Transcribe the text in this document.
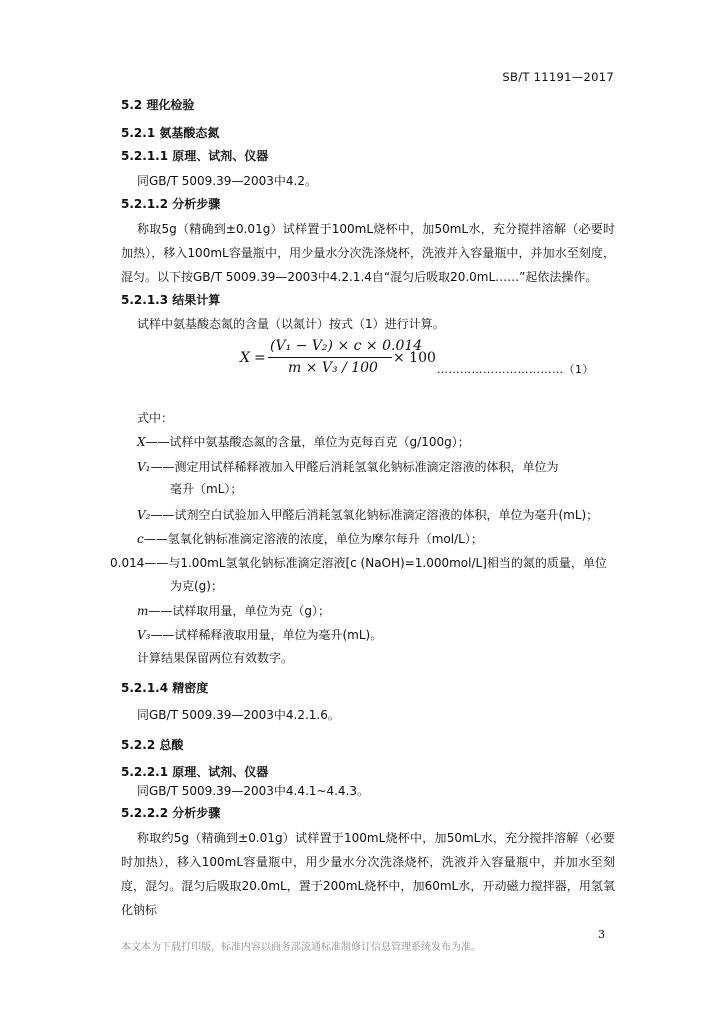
SB/T 11191—2017
5.2 理化检验
5.2.1 氨基酸态氮
5.2.1.1 原理、试剂、仪器
同GB/T 5009.39—2003中4.2。
5.2.1.2 分析步骤
称取5g（精确到±0.01g）试样置于100mL烧杯中，加50mL水，充分搅拌溶解（必要时加热），移入100mL容量瓶中，用少量水分次洗涤烧杯，洗液并入容量瓶中，并加水至刻度，混匀。以下按GB/T 5009.39—2003中4.2.1.4自“混匀后吸取20.0mL……”起依法操作。
5.2.1.3 结果计算
试样中氨基酸态氮的含量（以氮计）按式（1）进行计算。
X =
(V₁ − V₂) × c × 0.014
m × V₃ / 100
× 100
……………………………（1）
式中：
X——试样中氨基酸态氮的含量，单位为克每百克（g/100g）；
V₁——测定用试样稀释液加入甲醛后消耗氢氧化钠标准滴定溶液的体积，单位为
毫升（mL）；
V₂——试剂空白试验加入甲醛后消耗氢氧化钠标准滴定溶液的体积，单位为毫升(mL)；
c——氢氧化钠标准滴定溶液的浓度，单位为摩尔每升（mol/L）；
0.014——与1.00mL氢氧化钠标准滴定溶液[c (NaOH)=1.000mol/L]相当的氮的质量，单位
为克(g)；
m——试样取用量，单位为克（g）；
V₃——试样稀释液取用量，单位为毫升(mL)。
计算结果保留两位有效数字。
5.2.1.4 精密度
同GB/T 5009.39—2003中4.2.1.6。
5.2.2 总酸
5.2.2.1 原理、试剂、仪器
同GB/T 5009.39—2003中4.4.1~4.4.3。
5.2.2.2 分析步骤
称取约5g（精确到±0.01g）试样置于100mL烧杯中，加50mL水，充分搅拌溶解（必要时加热），移入100mL容量瓶中，用少量水分次洗涤烧杯，洗液并入容量瓶中，并加水至刻度，混匀。混匀后吸取20.0mL，置于200mL烧杯中，加60mL水，开动磁力搅拌器，用氢氧化钠标
3
本文本为下载打印版，标准内容以商务部流通标准制修订信息管理系统发布为准。
